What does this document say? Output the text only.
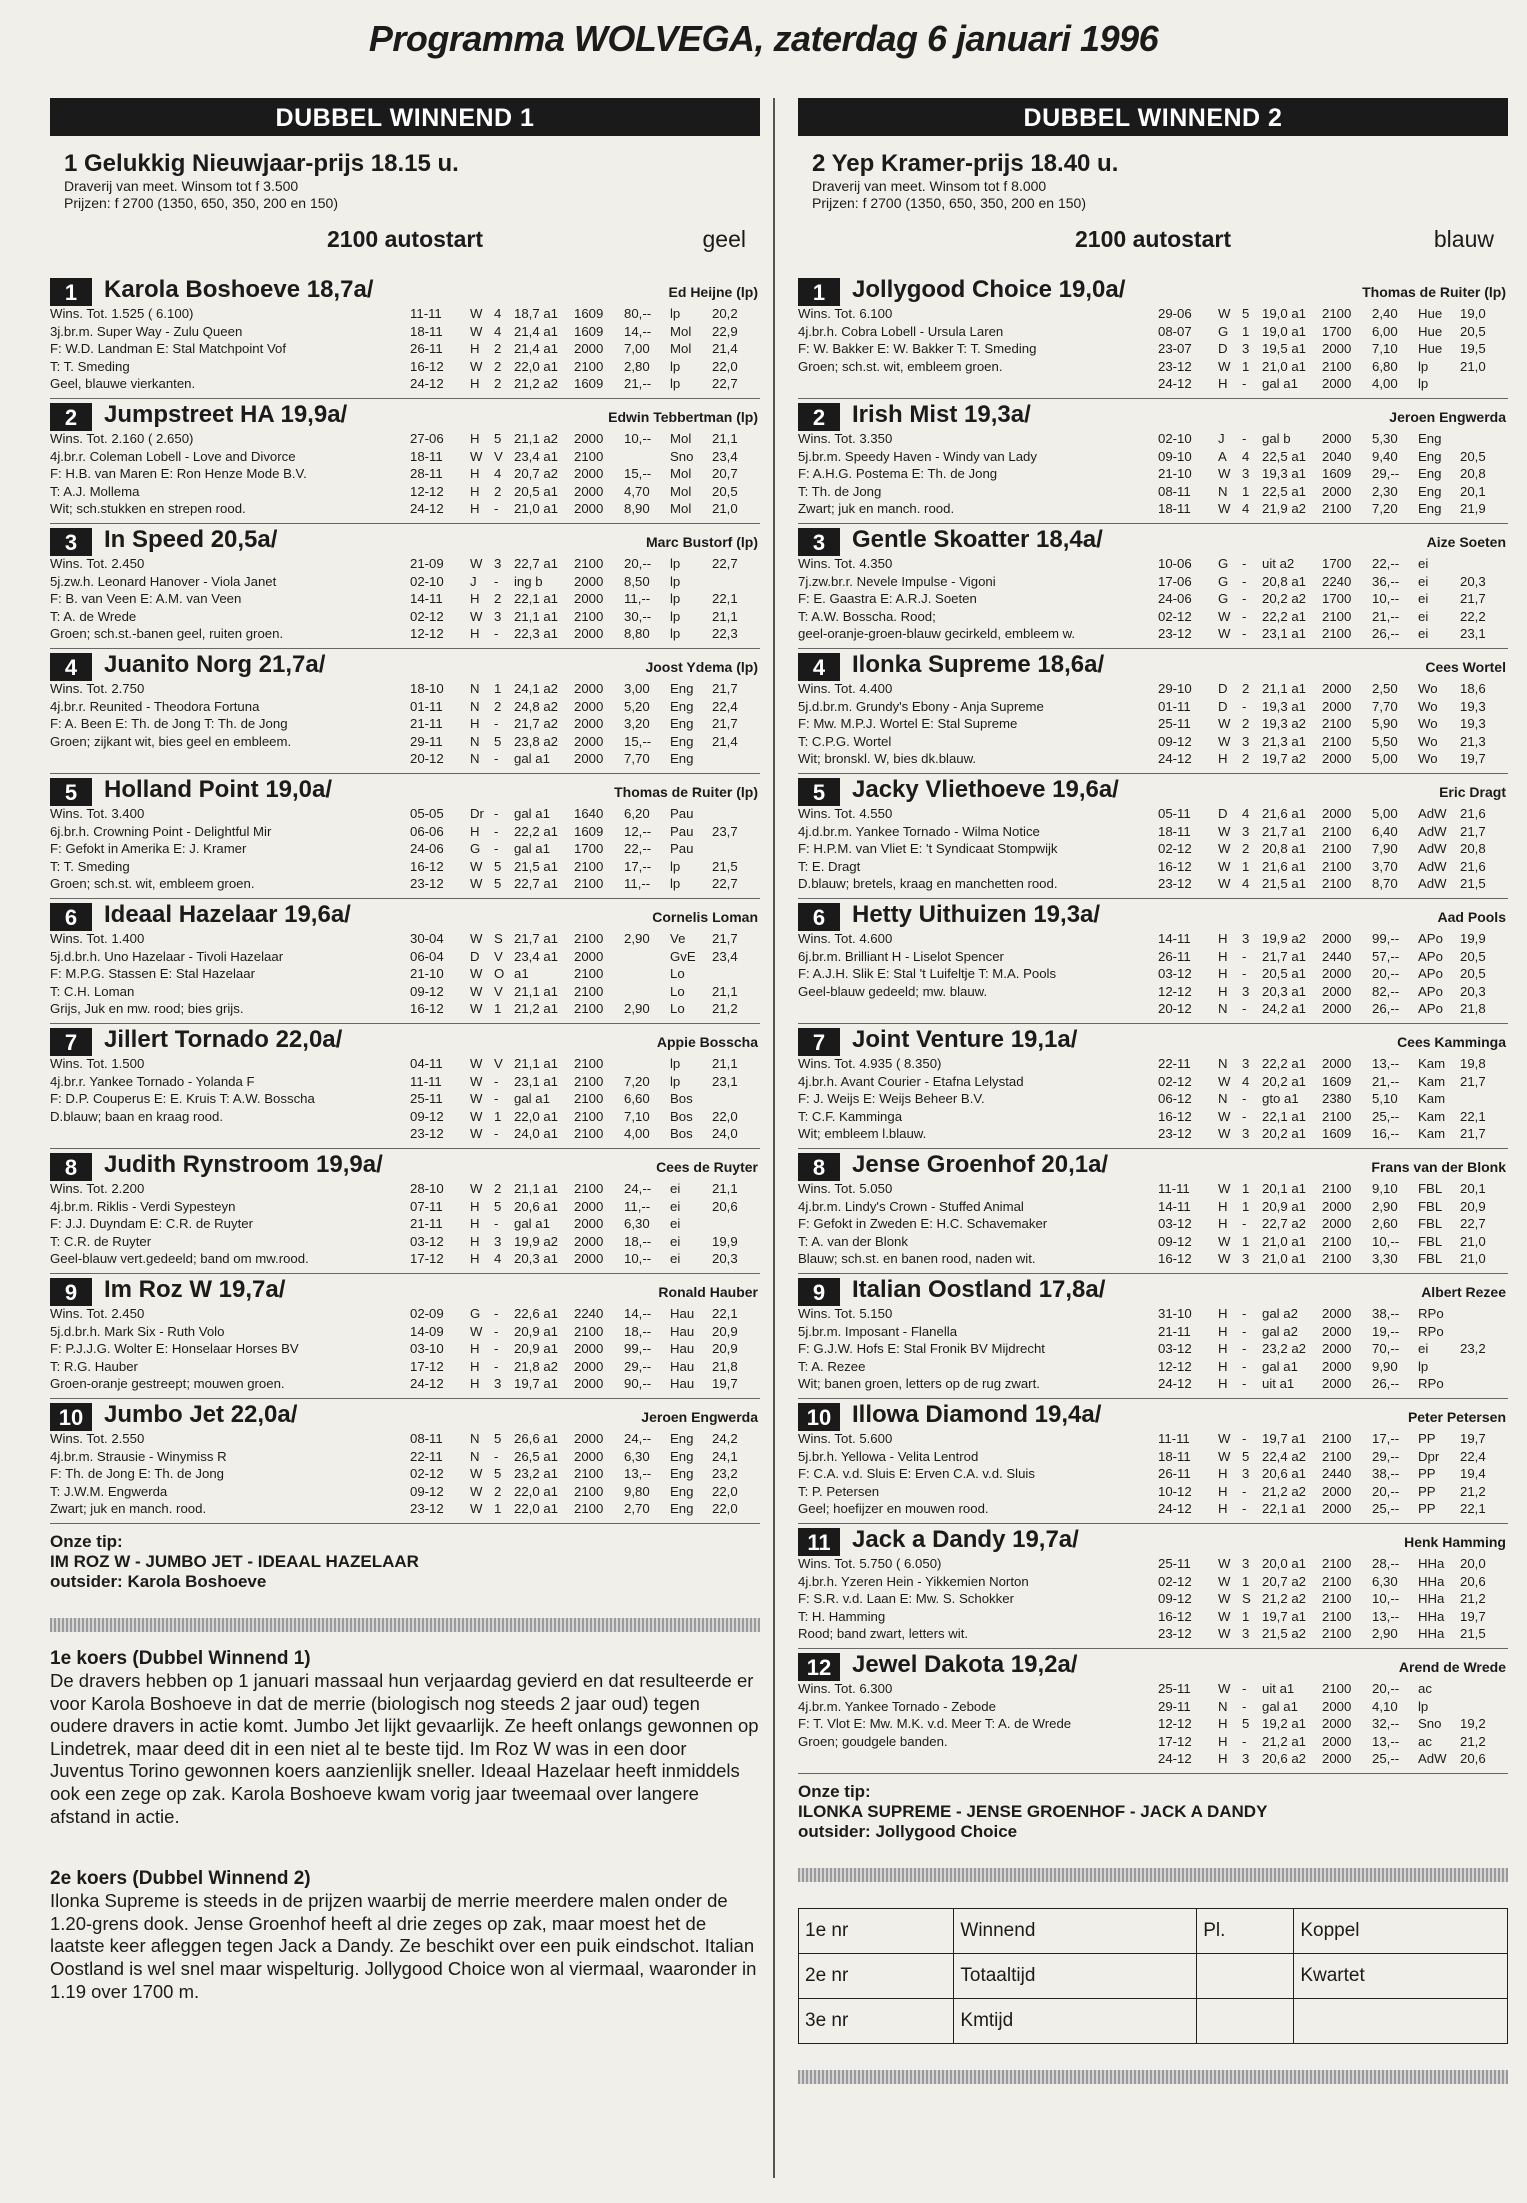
Programma WOLVEGA, zaterdag 6 januari 1996
DUBBEL WINNEND 1
1 Gelukkig Nieuwjaar-prijs 18.15 u.
Draverij van meet. Winsom tot f 3.500
Prijzen: f 2700 (1350, 650, 350, 200 en 150)
2100 autostart	geel
1	Karola Boshoeve 18,7a/	Ed Heijne (lp)
Wins. Tot. 1.525 ( 6.100)
3j.br.m. Super Way - Zulu Queen
F: W.D. Landman E: Stal Matchpoint Vof
T: T. Smeding
Geel, blauwe vierkanten.
11-11 W 4 18,7 a1 1609 80,-- lp 20,2
18-11 W 4 21,4 a1 1609 14,-- Mol 22,9
26-11 H 2 21,4 a1 2000 7,00 Mol 21,4
16-12 W 2 22,0 a1 2100 2,80 lp 22,0
24-12 H 2 21,2 a2 1609 21,-- lp 22,7
2	Jumpstreet HA 19,9a/	Edwin Tebbertman (lp)
Wins. Tot. 2.160 ( 2.650)
4j.br.r. Coleman Lobell - Love and Divorce
F: H.B. van Maren E: Ron Henze Mode B.V.
T: A.J. Mollema
Wit; sch.stukken en strepen rood.
27-06 H 5 21,1 a2 2000 10,-- Mol 21,1
18-11 W V 23,4 a1 2100	Sno 23,4
28-11 H 4 20,7 a2 2000 15,-- Mol 20,7
12-12 H 2 20,5 a1 2000 4,70 Mol 20,5
24-12 H - 21,0 a1 2000 8,90 Mol 21,0
3	In Speed 20,5a/	Marc Bustorf (lp)
Wins. Tot. 2.450
5j.zw.h. Leonard Hanover - Viola Janet
F: B. van Veen E: A.M. van Veen
T: A. de Wrede
Groen; sch.st.-banen geel, ruiten groen.
21-09 W 3 22,7 a1 2100 20,-- lp 22,7
02-10 J - ing b 2000 8,50 lp
14-11 H 2 22,1 a1 2000 11,-- lp 22,1
02-12 W 3 21,1 a1 2100 30,-- lp 21,1
12-12 H - 22,3 a1 2000 8,80 lp 22,3
4	Juanito Norg 21,7a/	Joost Ydema (lp)
Wins. Tot. 2.750
4j.br.r. Reunited - Theodora Fortuna
F: A. Been E: Th. de Jong T: Th. de Jong
Groen; zijkant wit, bies geel en embleem.
18-10 N 1 24,1 a2 2000 3,00 Eng 21,7
01-11 N 2 24,8 a2 2000 5,20 Eng 22,4
21-11 H - 21,7 a2 2000 3,20 Eng 21,7
29-11 N 5 23,8 a2 2000 15,-- Eng 21,4
20-12 N - gal a1 2000 7,70 Eng
5	Holland Point 19,0a/	Thomas de Ruiter (lp)
Wins. Tot. 3.400
6j.br.h. Crowning Point - Delightful Mir
F: Gefokt in Amerika E: J. Kramer
T: T. Smeding
Groen; sch.st. wit, embleem groen.
05-05 Dr - gal a1 1640 6,20 Pau
06-06 H - 22,2 a1 1609 12,-- Pau 23,7
24-06 G - gal a1 1700 22,-- Pau
16-12 W 5 21,5 a1 2100 17,-- lp 21,5
23-12 W 5 22,7 a1 2100 11,-- lp 22,7
6	Ideaal Hazelaar 19,6a/	Cornelis Loman
Wins. Tot. 1.400
5j.d.br.h. Uno Hazelaar - Tivoli Hazelaar
F: M.P.G. Stassen E: Stal Hazelaar
T: C.H. Loman
Grijs, Juk en mw. rood; bies grijs.
30-04 W S 21,7 a1 2100 2,90 Ve 21,7
06-04 D V 23,4 a1 2000	GvE 23,4
21-10 W O a1	2100	Lo
09-12 W V 21,1 a1 2100	Lo 21,1
16-12 W 1 21,2 a1 2100 2,90 Lo 21,2
7	Jillert Tornado 22,0a/	Appie Bosscha
Wins. Tot. 1.500
4j.br.r. Yankee Tornado - Yolanda F
F: D.P. Couperus E: E. Kruis T: A.W. Bosscha
D.blauw; baan en kraag rood.
04-11 W V 21,1 a1 2100	lp 21,1
11-11 W - 23,1 a1 2100 7,20 lp 23,1
25-11 W - gal a1 2100 6,60 Bos
09-12 W 1 22,0 a1 2100 7,10 Bos 22,0
23-12 W - 24,0 a1 2100 4,00 Bos 24,0
8	Judith Rynstroom 19,9a/	Cees de Ruyter
Wins. Tot. 2.200
4j.br.m. Riklis - Verdi Sypesteyn
F: J.J. Duyndam E: C.R. de Ruyter
T: C.R. de Ruyter
Geel-blauw vert.gedeeld; band om mw.rood.
28-10 W 2 21,1 a1 2100 24,-- ei 21,1
07-11 H 5 20,6 a1 2000 11,-- ei 20,6
21-11 H - gal a1 2000 6,30 ei
03-12 H 3 19,9 a2 2000 18,-- ei 19,9
17-12 H 4 20,3 a1 2000 10,-- ei 20,3
9	Im Roz W 19,7a/	Ronald Hauber
Wins. Tot. 2.450
5j.d.br.h. Mark Six - Ruth Volo
F: P.J.J.G. Wolter E: Honselaar Horses BV
T: R.G. Hauber
Groen-oranje gestreept; mouwen groen.
02-09 G - 22,6 a1 2240 14,-- Hau 22,1
14-09 W - 20,9 a1 2100 18,-- Hau 20,9
03-10 H - 20,9 a1 2000 99,-- Hau 20,9
17-12 H - 21,8 a2 2000 29,-- Hau 21,8
24-12 H 3 19,7 a1 2000 90,-- Hau 19,7
10 Jumbo Jet 22,0a/	Jeroen Engwerda
Wins. Tot. 2.550
4j.br.m. Strausie - Winymiss R
F: Th. de Jong E: Th. de Jong
T: J.W.M. Engwerda
Zwart; juk en manch. rood.
08-11 N 5 26,6 a1 2000 24,-- Eng 24,2
22-11 N - 26,5 a1 2000 6,30 Eng 24,1
02-12 W 5 23,2 a1 2100 13,-- Eng 23,2
09-12 W 2 22,0 a1 2100 9,80 Eng 22,0
23-12 W 1 22,0 a1 2100 2,70 Eng 22,0
Onze tip:
IM ROZ W - JUMBO JET - IDEAAL HAZELAAR
outsider: Karola Boshoeve
1e koers (Dubbel Winnend 1)

De dravers hebben op 1 januari massaal hun verjaardag gevierd en dat resulteerde er voor Karola Boshoeve in dat de merrie (biologisch nog steeds 2 jaar oud) tegen oudere dravers in actie komt. Jumbo Jet lijkt gevaarlijk. Ze heeft onlangs gewonnen op Lindetrek, maar deed dit in een niet al te beste tijd. Im Roz W was in een door Juventus Torino gewonnen koers aanzienlijk sneller. Ideaal Hazelaar heeft inmiddels ook een zege op zak. Karola Boshoeve kwam vorig jaar tweemaal over langere afstand in actie.

2e koers (Dubbel Winnend 2)

Ilonka Supreme is steeds in de prijzen waarbij de merrie meerdere malen onder de 1.20-grens dook. Jense Groenhof heeft al drie zeges op zak, maar moest het de laatste keer afleggen tegen Jack a Dandy. Ze beschikt over een puik eindschot. Italian Oostland is wel snel maar wispelturig. Jollygood Choice won al viermaal, waaronder in 1.19 over 1700 m.

DUBBEL WINNEND 2
2 Yep Kramer-prijs 18.40 u.
Draverij van meet. Winsom tot f 8.000
Prijzen: f 2700 (1350, 650, 350, 200 en 150)
2100 autostart	blauw
1	Jollygood Choice 19,0a/	Thomas de Ruiter (lp)
Wins. Tot. 6.100
4j.br.h. Cobra Lobell - Ursula Laren
F: W. Bakker E: W. Bakker T: T. Smeding
Groen; sch.st. wit, embleem groen.
29-06 W 5 19,0 a1 2100 2,40 Hue 19,0
08-07 G 1 19,0 a1 1700 6,00 Hue 20,5
23-07 D 3 19,5 a1 2000 7,10 Hue 19,5
23-12 W 1 21,0 a1 2100 6,80 lp 21,0
24-12 H - gal a1 2000 4,00 lp
2	Irish Mist 19,3a/	Jeroen Engwerda
Wins. Tot. 3.350
5j.br.m. Speedy Haven - Windy van Lady
F: A.H.G. Postema E: Th. de Jong
T: Th. de Jong
Zwart; juk en manch. rood.
02-10 J - gal b 2000 5,30 Eng
09-10 A 4 22,5 a1 2040 9,40 Eng 20,5
21-10 W 3 19,3 a1 1609 29,-- Eng 20,8
08-11 N 1 22,5 a1 2000 2,30 Eng 20,1
18-11 W 4 21,9 a2 2100 7,20 Eng 21,9
3	Gentle Skoatter 18,4a/	Aize Soeten
Wins. Tot. 4.350
7j.zw.br.r. Nevele Impulse - Vigoni
F: E. Gaastra E: A.R.J. Soeten
T: A.W. Bosscha. Rood;
geel-oranje-groen-blauw gecirkeld, embleem w.
10-06 G - uit a2 1700 22,-- ei
17-06 G - 20,8 a1 2240 36,-- ei 20,3
24-06 G - 20,2 a2 1700 10,-- ei 21,7
02-12 W - 22,2 a1 2100 21,-- ei 22,2
23-12 W - 23,1 a1 2100 26,-- ei 23,1
4	Ilonka Supreme 18,6a/	Cees Wortel
Wins. Tot. 4.400
5j.d.br.m. Grundy's Ebony - Anja Supreme
F: Mw. M.P.J. Wortel E: Stal Supreme
T: C.P.G. Wortel
Wit; bronskl. W, bies dk.blauw.
29-10 D 2 21,1 a1 2000 2,50 Wo 18,6
01-11 D - 19,3 a1 2000 7,70 Wo 19,3
25-11 W 2 19,3 a2 2100 5,90 Wo 19,3
09-12 W 3 21,3 a1 2100 5,50 Wo 21,3
24-12 H 2 19,7 a2 2000 5,00 Wo 19,7
5	Jacky Vliethoeve 19,6a/	Eric Dragt
Wins. Tot. 4.550
4j.d.br.m. Yankee Tornado - Wilma Notice
F: H.P.M. van Vliet E: 't Syndicaat Stompwijk
T: E. Dragt
D.blauw; bretels, kraag en manchetten rood.
05-11 D 4 21,6 a1 2000 5,00 AdW 21,6
18-11 W 3 21,7 a1 2100 6,40 AdW 21,7
02-12 W 2 20,8 a1 2100 7,90 AdW 20,8
16-12 W 1 21,6 a1 2100 3,70 AdW 21,6
23-12 W 4 21,5 a1 2100 8,70 AdW 21,5
6	Hetty Uithuizen 19,3a/	Aad Pools
Wins. Tot. 4.600
6j.br.m. Brilliant H - Liselot Spencer
F: A.J.H. Slik E: Stal 't Luifeltje T: M.A. Pools
Geel-blauw gedeeld; mw. blauw.
14-11 H 3 19,9 a2 2000 99,-- APo 19,9
26-11 H - 21,7 a1 2440 57,-- APo 20,5
03-12 H - 20,5 a1 2000 20,-- APo 20,5
12-12 H 3 20,3 a1 2000 82,-- APo 20,3
20-12 N - 24,2 a1 2000 26,-- APo 21,8
7	Joint Venture 19,1a/	Cees Kamminga
Wins. Tot. 4.935 ( 8.350)
4j.br.h. Avant Courier - Etafna Lelystad
F: J. Weijs E: Weijs Beheer B.V.
T: C.F. Kamminga
Wit; embleem l.blauw.
22-11 N 3 22,2 a1 2000 13,-- Kam 19,8
02-12 W 4 20,2 a1 1609 21,-- Kam 21,7
06-12 N - gto a1 2380 5,10 Kam
16-12 W - 22,1 a1 2100 25,-- Kam 22,1
23-12 W 3 20,2 a1 1609 16,-- Kam 21,7
8	Jense Groenhof 20,1a/	Frans van der Blonk
Wins. Tot. 5.050
4j.br.m. Lindy's Crown - Stuffed Animal
F: Gefokt in Zweden E: H.C. Schavemaker
T: A. van der Blonk
Blauw; sch.st. en banen rood, naden wit.
11-11 W 1 20,1 a1 2100 9,10 FBL 20,1
14-11 H 1 20,9 a1 2000 2,90 FBL 20,9
03-12 H - 22,7 a2 2000 2,60 FBL 22,7
09-12 W 1 21,0 a1 2100 10,-- FBL 21,0
16-12 W 3 21,0 a1 2100 3,30 FBL 21,0
9	Italian Oostland 17,8a/	Albert Rezee
Wins. Tot. 5.150
5j.br.m. Imposant - Flanella
F: G.J.W. Hofs E: Stal Fronik BV Mijdrecht
T: A. Rezee
Wit; banen groen, letters op de rug zwart.
31-10 H - gal a2 2000 38,-- RPo
21-11 H - gal a2 2000 19,-- RPo
03-12 H - 23,2 a2 2000 70,-- ei 23,2
12-12 H - gal a1 2000 9,90 lp
24-12 H - uit a1 2000 26,-- RPo
10 Illowa Diamond 19,4a/	Peter Petersen
Wins. Tot. 5.600
5j.br.h. Yellowa - Velita Lentrod
F: C.A. v.d. Sluis E: Erven C.A. v.d. Sluis
T: P. Petersen
Geel; hoefijzer en mouwen rood.
11-11 W - 19,7 a1 2100 17,-- PP 19,7
18-11 W 5 22,4 a2 2100 29,-- Dpr 22,4
26-11 H 3 20,6 a1 2440 38,-- PP 19,4
10-12 H - 21,2 a2 2000 20,-- PP 21,2
24-12 H - 22,1 a1 2000 25,-- PP 22,1
11 Jack a Dandy 19,7a/	Henk Hamming
Wins. Tot. 5.750 ( 6.050)
4j.br.h. Yzeren Hein - Yikkemien Norton
F: S.R. v.d. Laan E: Mw. S. Schokker
T: H. Hamming
Rood; band zwart, letters wit.
25-11 W 3 20,0 a1 2100 28,-- HHa 20,0
02-12 W 1 20,7 a2 2100 6,30 HHa 20,6
09-12 W S 21,2 a2 2100 10,-- HHa 21,2
16-12 W 1 19,7 a1 2100 13,-- HHa 19,7
23-12 W 3 21,5 a2 2100 2,90 HHa 21,5
12 Jewel Dakota 19,2a/	Arend de Wrede
Wins. Tot. 6.300
4j.br.m. Yankee Tornado - Zebode
F: T. Vlot E: Mw. M.K. v.d. Meer T: A. de Wrede
Groen; goudgele banden.
25-11 W - uit a1 2100 20,-- ac
29-11 N - gal a1 2000 4,10 lp
12-12 H 5 19,2 a1 2000 32,-- Sno 19,2
17-12 H - 21,2 a1 2000 13,-- ac 21,2
24-12 H 3 20,6 a2 2000 25,-- AdW 20,6
Onze tip:
ILONKA SUPREME - JENSE GROENHOF - JACK A DANDY
outsider: Jollygood Choice
1e nr	Winnend	Pl.	Koppel
2e nr	Totaaltijd		Kwartet
3e nr	Kmtijd		
